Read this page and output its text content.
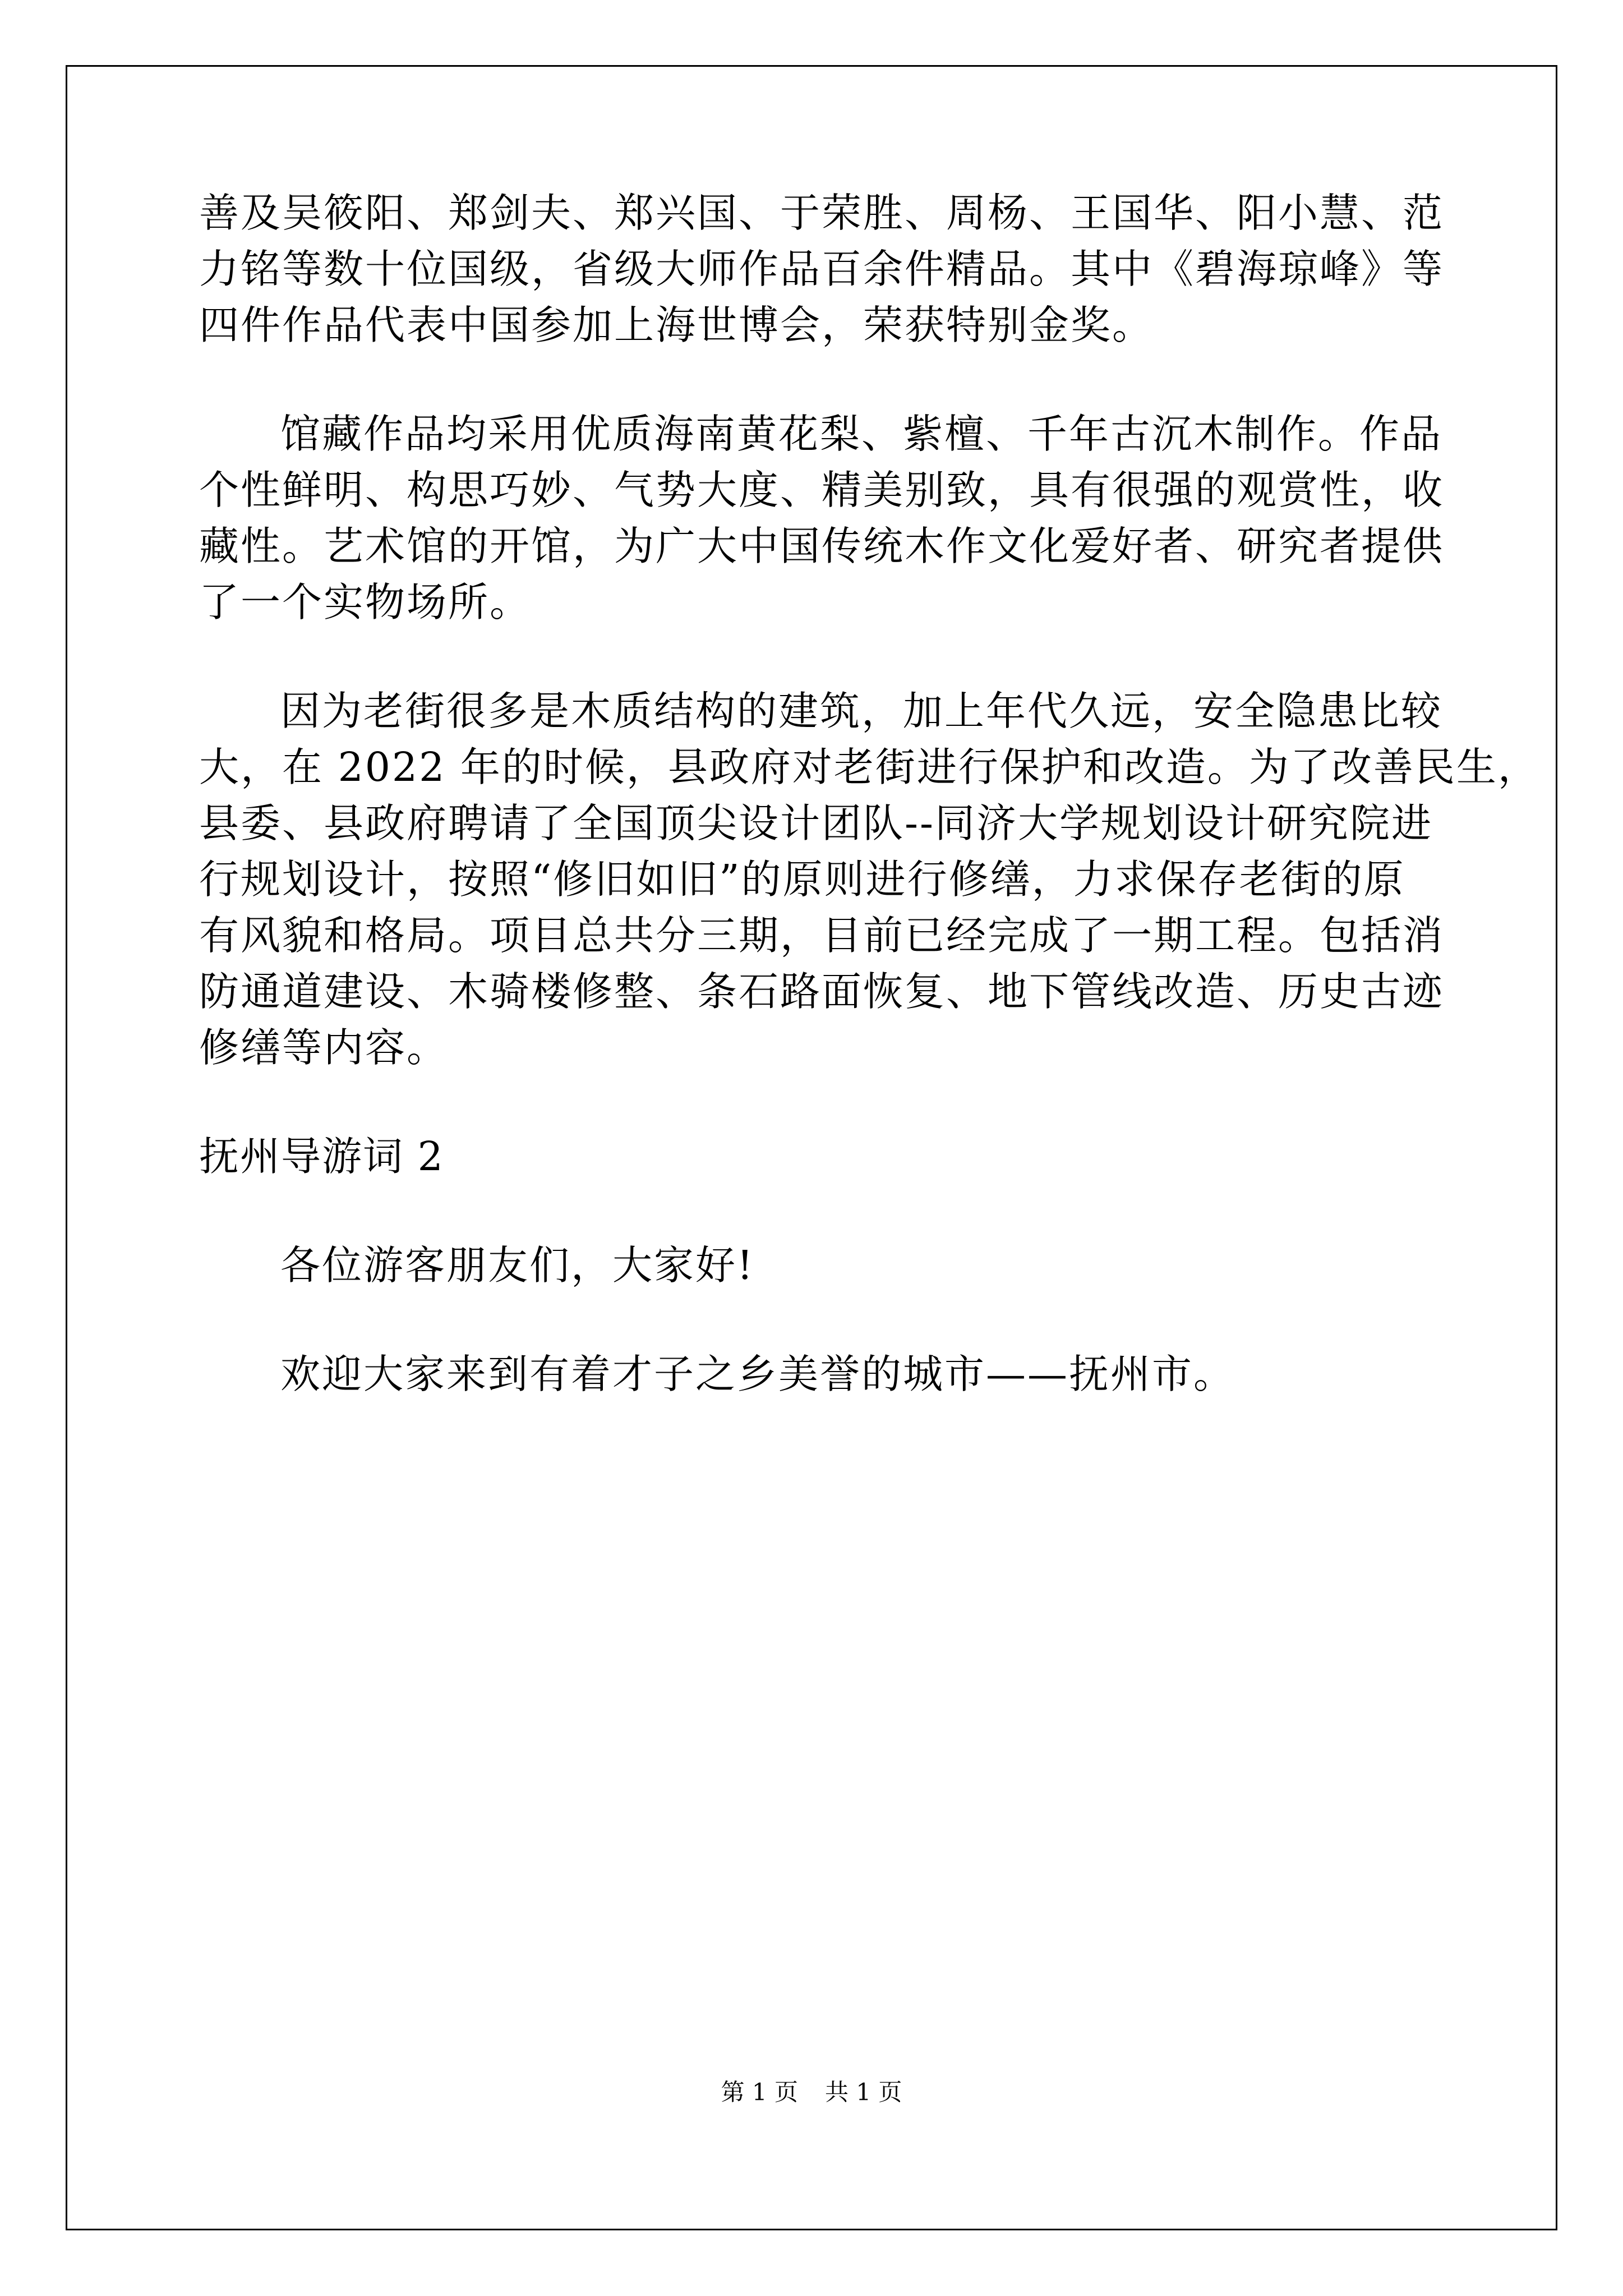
善及吴筱阳、郑剑夫、郑兴国、于荣胜、周杨、王国华、阳小慧、范
力铭等数十位国级，省级大师作品百余件精品。其中《碧海琼峰》等
四件作品代表中国参加上海世博会，荣获特别金奖。
馆藏作品均采用优质海南黄花梨、紫檀、千年古沉木制作。作品
个性鲜明、构思巧妙、气势大度、精美别致，具有很强的观赏性，收
藏性。艺术馆的开馆，为广大中国传统木作文化爱好者、研究者提供
了一个实物场所。
因为老街很多是木质结构的建筑，加上年代久远，安全隐患比较
大，在 2022 年的时候，县政府对老街进行保护和改造。为了改善民生，
县委、县政府聘请了全国顶尖设计团队--同济大学规划设计研究院进
行规划设计，按照“修旧如旧”的原则进行修缮，力求保存老街的原
有风貌和格局。项目总共分三期，目前已经完成了一期工程。包括消
防通道建设、木骑楼修整、条石路面恢复、地下管线改造、历史古迹
修缮等内容。
抚州导游词 2
各位游客朋友们，大家好!
欢迎大家来到有着才子之乡美誉的城市——抚州市。
第 1 页 共 1 页
